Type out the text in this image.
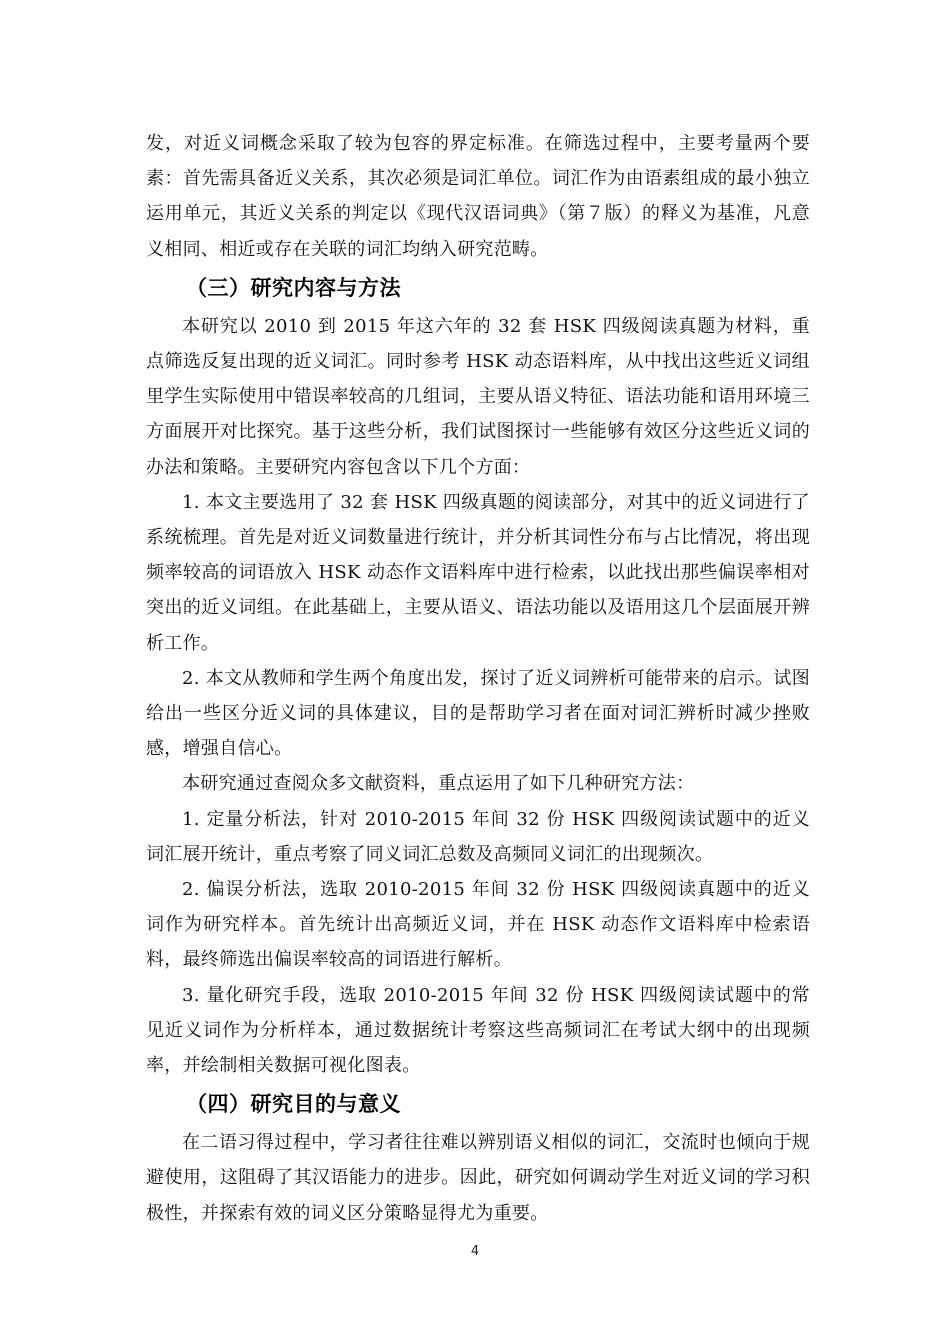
发，对近义词概念采取了较为包容的界定标准。在筛选过程中，主要考量两个要素：首先需具备近义关系，其次必须是词汇单位。词汇作为由语素组成的最小独立运用单元，其近义关系的判定以《现代汉语词典》（第７版）的释义为基准，凡意义相同、相近或存在关联的词汇均纳入研究范畴。

（三）研究内容与方法

本研究以 2010 到 2015 年这六年的 32 套 HSK 四级阅读真题为材料，重点筛选反复出现的近义词汇。同时参考 HSK 动态语料库，从中找出这些近义词组里学生实际使用中错误率较高的几组词，主要从语义特征、语法功能和语用环境三方面展开对比探究。基于这些分析，我们试图探讨一些能够有效区分这些近义词的办法和策略。主要研究内容包含以下几个方面：

1. 本文主要选用了 32 套 HSK 四级真题的阅读部分，对其中的近义词进行了系统梳理。首先是对近义词数量进行统计，并分析其词性分布与占比情况，将出现频率较高的词语放入 HSK 动态作文语料库中进行检索，以此找出那些偏误率相对突出的近义词组。在此基础上，主要从语义、语法功能以及语用这几个层面展开辨析工作。

2. 本文从教师和学生两个角度出发，探讨了近义词辨析可能带来的启示。试图给出一些区分近义词的具体建议，目的是帮助学习者在面对词汇辨析时减少挫败感，增强自信心。

本研究通过查阅众多文献资料，重点运用了如下几种研究方法：

1. 定量分析法，针对 2010-2015 年间 32 份 HSK 四级阅读试题中的近义词汇展开统计，重点考察了同义词汇总数及高频同义词汇的出现频次。

2. 偏误分析法，选取 2010-2015 年间 32 份 HSK 四级阅读真题中的近义词作为研究样本。首先统计出高频近义词，并在 HSK 动态作文语料库中检索语料，最终筛选出偏误率较高的词语进行解析。

3. 量化研究手段，选取 2010-2015 年间 32 份 HSK 四级阅读试题中的常见近义词作为分析样本，通过数据统计考察这些高频词汇在考试大纲中的出现频率，并绘制相关数据可视化图表。

（四）研究目的与意义

在二语习得过程中，学习者往往难以辨别语义相似的词汇，交流时也倾向于规避使用，这阻碍了其汉语能力的进步。因此，研究如何调动学生对近义词的学习积极性，并探索有效的词义区分策略显得尤为重要。

4
